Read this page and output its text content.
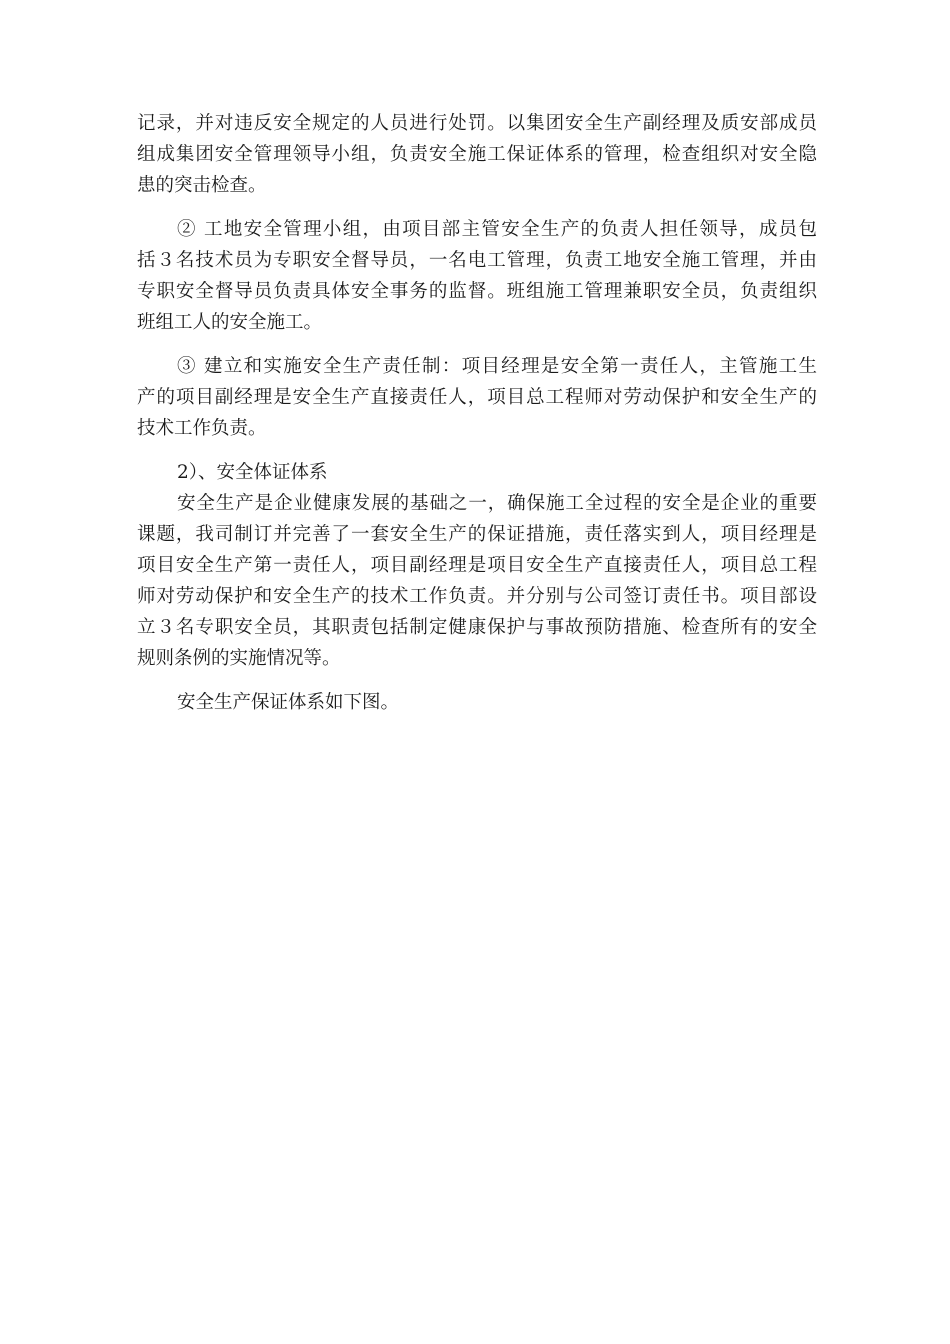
记录，并对违反安全规定的人员进行处罚。以集团安全生产副经理及质安部成员
组成集团安全管理领导小组，负责安全施工保证体系的管理，检查组织对安全隐
患的突击检查。
② 工地安全管理小组，由项目部主管安全生产的负责人担任领导，成员包
括３名技术员为专职安全督导员，一名电工管理，负责工地安全施工管理，并由
专职安全督导员负责具体安全事务的监督。班组施工管理兼职安全员，负责组织
班组工人的安全施工。
③ 建立和实施安全生产责任制：项目经理是安全第一责任人，主管施工生
产的项目副经理是安全生产直接责任人，项目总工程师对劳动保护和安全生产的
技术工作负责。
2）、安全体证体系
安全生产是企业健康发展的基础之一，确保施工全过程的安全是企业的重要
课题，我司制订并完善了一套安全生产的保证措施，责任落实到人，项目经理是
项目安全生产第一责任人，项目副经理是项目安全生产直接责任人，项目总工程
师对劳动保护和安全生产的技术工作负责。并分别与公司签订责任书。项目部设
立３名专职安全员，其职责包括制定健康保护与事故预防措施、检查所有的安全
规则条例的实施情况等。
安全生产保证体系如下图。
